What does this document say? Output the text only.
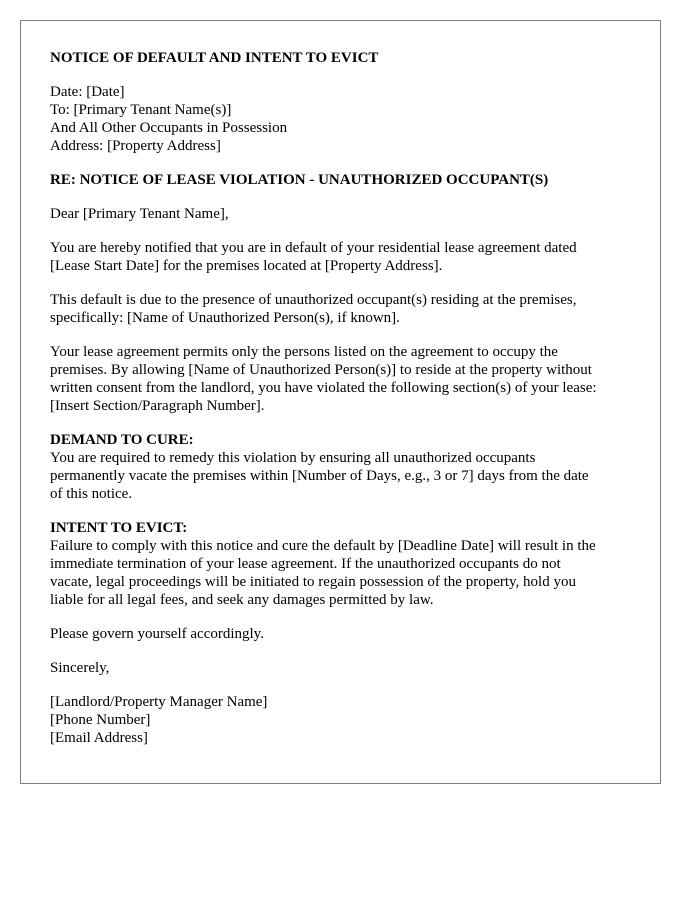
NOTICE OF DEFAULT AND INTENT TO EVICT
Date: [Date]
To: [Primary Tenant Name(s)]
And All Other Occupants in Possession
Address: [Property Address]
RE: NOTICE OF LEASE VIOLATION - UNAUTHORIZED OCCUPANT(S)
Dear [Primary Tenant Name],
You are hereby notified that you are in default of your residential lease agreement dated
[Lease Start Date] for the premises located at [Property Address].
This default is due to the presence of unauthorized occupant(s) residing at the premises,
specifically: [Name of Unauthorized Person(s), if known].
Your lease agreement permits only the persons listed on the agreement to occupy the
premises. By allowing [Name of Unauthorized Person(s)] to reside at the property without
written consent from the landlord, you have violated the following section(s) of your lease:
[Insert Section/Paragraph Number].
DEMAND TO CURE:
You are required to remedy this violation by ensuring all unauthorized occupants
permanently vacate the premises within [Number of Days, e.g., 3 or 7] days from the date
of this notice.
INTENT TO EVICT:
Failure to comply with this notice and cure the default by [Deadline Date] will result in the
immediate termination of your lease agreement. If the unauthorized occupants do not
vacate, legal proceedings will be initiated to regain possession of the property, hold you
liable for all legal fees, and seek any damages permitted by law.
Please govern yourself accordingly.
Sincerely,
[Landlord/Property Manager Name]
[Phone Number]
[Email Address]
